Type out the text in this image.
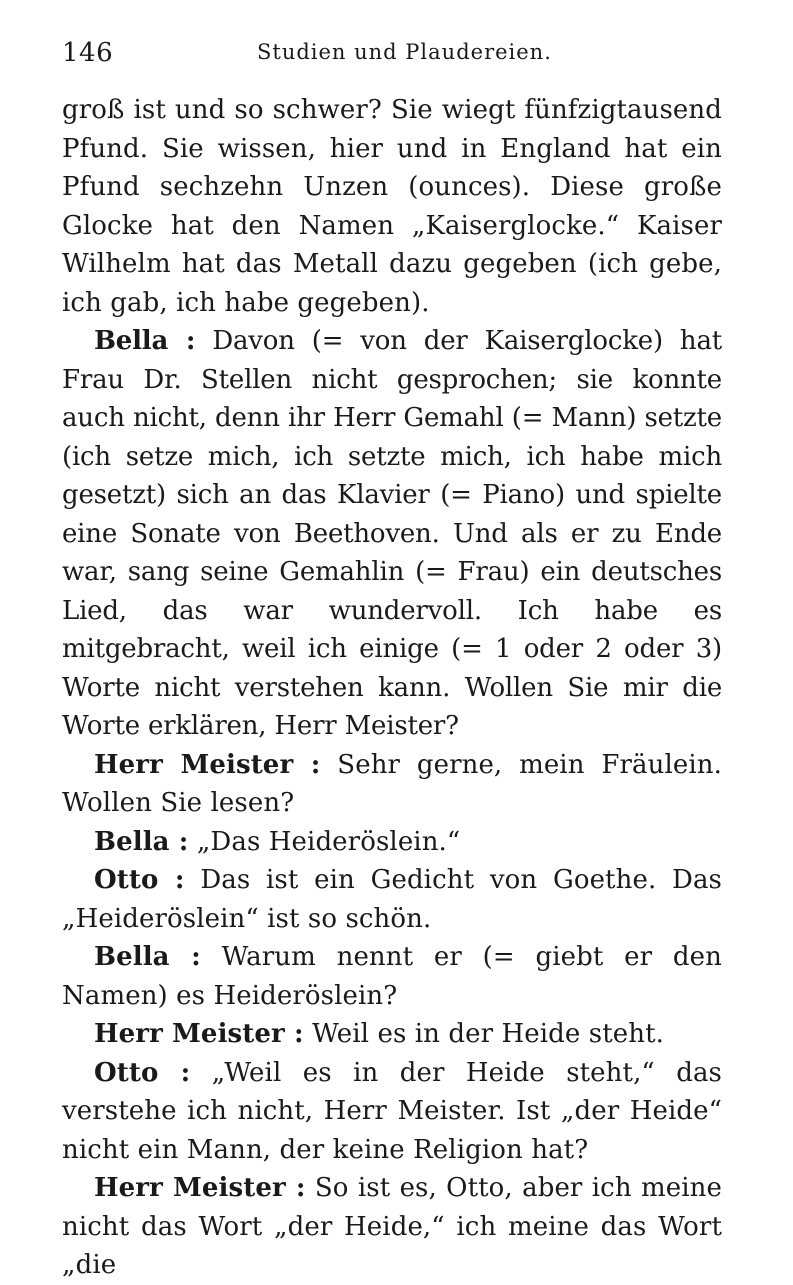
146	Studien und Plaudereien.

groß ist und so schwer? Sie wiegt fünfzigtausend Pfund. Sie wissen, hier und in England hat ein Pfund sechzehn Unzen (ounces). Diese große Glocke hat den Namen „Kaiserglocke.“ Kaiser Wilhelm hat das Metall dazu gegeben (ich gebe, ich gab, ich habe gegeben).

Bella : Davon (= von der Kaiserglocke) hat Frau Dr. Stellen nicht gesprochen; sie konnte auch nicht, denn ihr Herr Gemahl (= Mann) setzte (ich setze mich, ich setzte mich, ich habe mich gesetzt) sich an das Klavier (= Piano) und spielte eine Sonate von Beethoven. Und als er zu Ende war, sang seine Gemahlin (= Frau) ein deutsches Lied, das war wundervoll. Ich habe es mitgebracht, weil ich einige (= 1 oder 2 oder 3) Worte nicht verstehen kann. Wollen Sie mir die Worte erklären, Herr Meister?

Herr Meister : Sehr gerne, mein Fräulein. Wollen Sie lesen?

Bella : „Das Heideröslein.“

Otto : Das ist ein Gedicht von Goethe. Das „Heideröslein“ ist so schön.

Bella : Warum nennt er (= giebt er den Namen) es Heideröslein?

Herr Meister : Weil es in der Heide steht.

Otto : „Weil es in der Heide steht,“ das verstehe ich nicht, Herr Meister. Ist „der Heide“ nicht ein Mann, der keine Religion hat?

Herr Meister : So ist es, Otto, aber ich meine nicht das Wort „der Heide,“ ich meine das Wort „die
